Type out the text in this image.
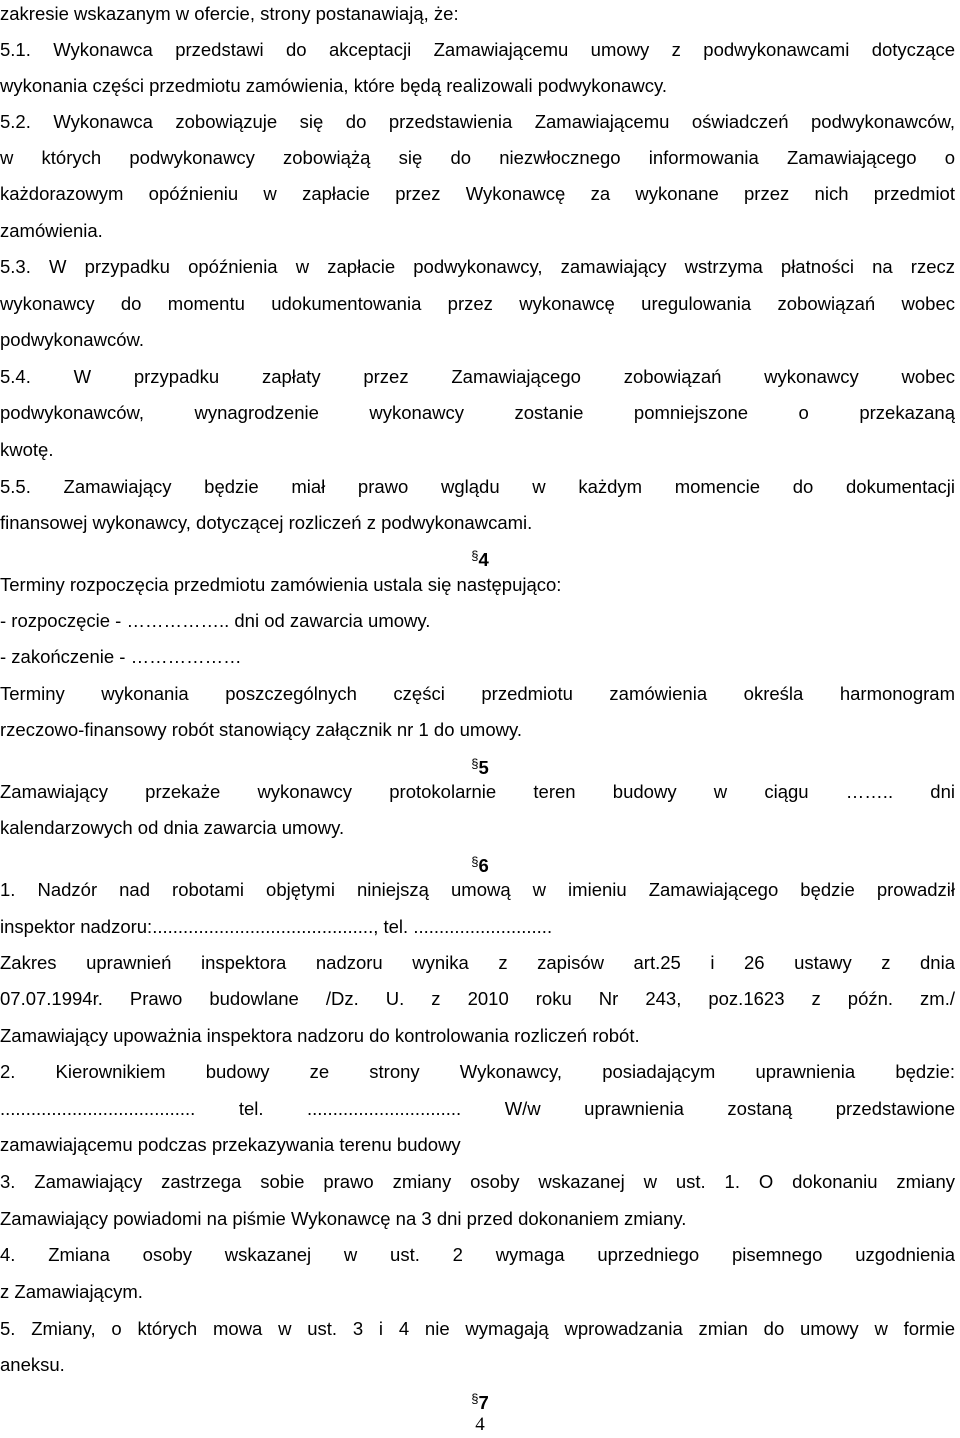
zakresie wskazanym w ofercie, strony postanawiają, że:
5.1. Wykonawca przedstawi do akceptacji Zamawiającemu umowy z podwykonawcami dotyczące
wykonania części przedmiotu zamówienia, które będą realizowali podwykonawcy.
5.2. Wykonawca zobowiązuje się do przedstawienia Zamawiającemu oświadczeń podwykonawców,
w których podwykonawcy zobowiążą się do niezwłocznego informowania Zamawiającego o
każdorazowym opóźnieniu w zapłacie przez Wykonawcę za wykonane przez nich przedmiot
zamówienia.
5.3. W przypadku opóźnienia w zapłacie podwykonawcy, zamawiający wstrzyma płatności na rzecz
wykonawcy do momentu udokumentowania przez wykonawcę uregulowania zobowiązań wobec
podwykonawców.
5.4. W przypadku zapłaty przez Zamawiającego zobowiązań wykonawcy wobec
podwykonawców, wynagrodzenie wykonawcy zostanie pomniejszone o przekazaną
kwotę.
5.5. Zamawiający będzie miał prawo wglądu w każdym momencie do dokumentacji
finansowej wykonawcy, dotyczącej rozliczeń z podwykonawcami.
§4
Terminy rozpoczęcia przedmiotu zamówienia ustala się następująco:
- rozpoczęcie - …………….. dni od zawarcia umowy.
- zakończenie - ………………
Terminy wykonania poszczególnych części przedmiotu zamówienia określa harmonogram
rzeczowo-finansowy robót stanowiący załącznik nr 1 do umowy.
§5
Zamawiający przekaże wykonawcy protokolarnie teren budowy w ciągu …….. dni
kalendarzowych od dnia zawarcia umowy.
§6
1. Nadzór nad robotami objętymi niniejszą umową w imieniu Zamawiającego będzie prowadził
inspektor nadzoru:..........................................., tel. ...........................
Zakres uprawnień inspektora nadzoru wynika z zapisów art.25 i 26 ustawy z dnia
07.07.1994r. Prawo budowlane /Dz. U. z 2010 roku Nr 243, poz.1623 z późn. zm./
Zamawiający upoważnia inspektora nadzoru do kontrolowania rozliczeń robót.
2. Kierownikiem budowy ze strony Wykonawcy, posiadającym uprawnienia będzie:
...................................... tel. .............................. W/w uprawnienia zostaną przedstawione
zamawiającemu podczas przekazywania terenu budowy
3. Zamawiający zastrzega sobie prawo zmiany osoby wskazanej w ust. 1. O dokonaniu zmiany
Zamawiający powiadomi na piśmie Wykonawcę na 3 dni przed dokonaniem zmiany.
4. Zmiana osoby wskazanej w ust. 2 wymaga uprzedniego pisemnego uzgodnienia
z Zamawiającym.
5. Zmiany, o których mowa w ust. 3 i 4 nie wymagają wprowadzania zmian do umowy w formie
aneksu.
§7
4
